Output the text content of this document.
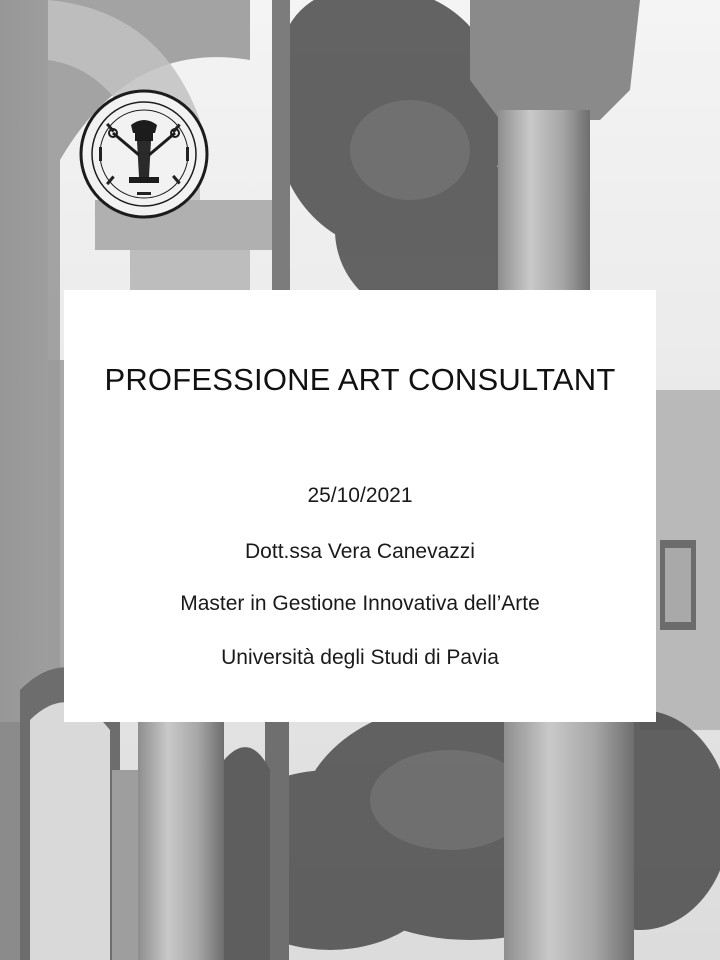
PROFESSIONE ART CONSULTANT
25/10/2021
Dott.ssa Vera Canevazzi
Master in Gestione Innovativa dell’Arte
Università degli Studi di Pavia
